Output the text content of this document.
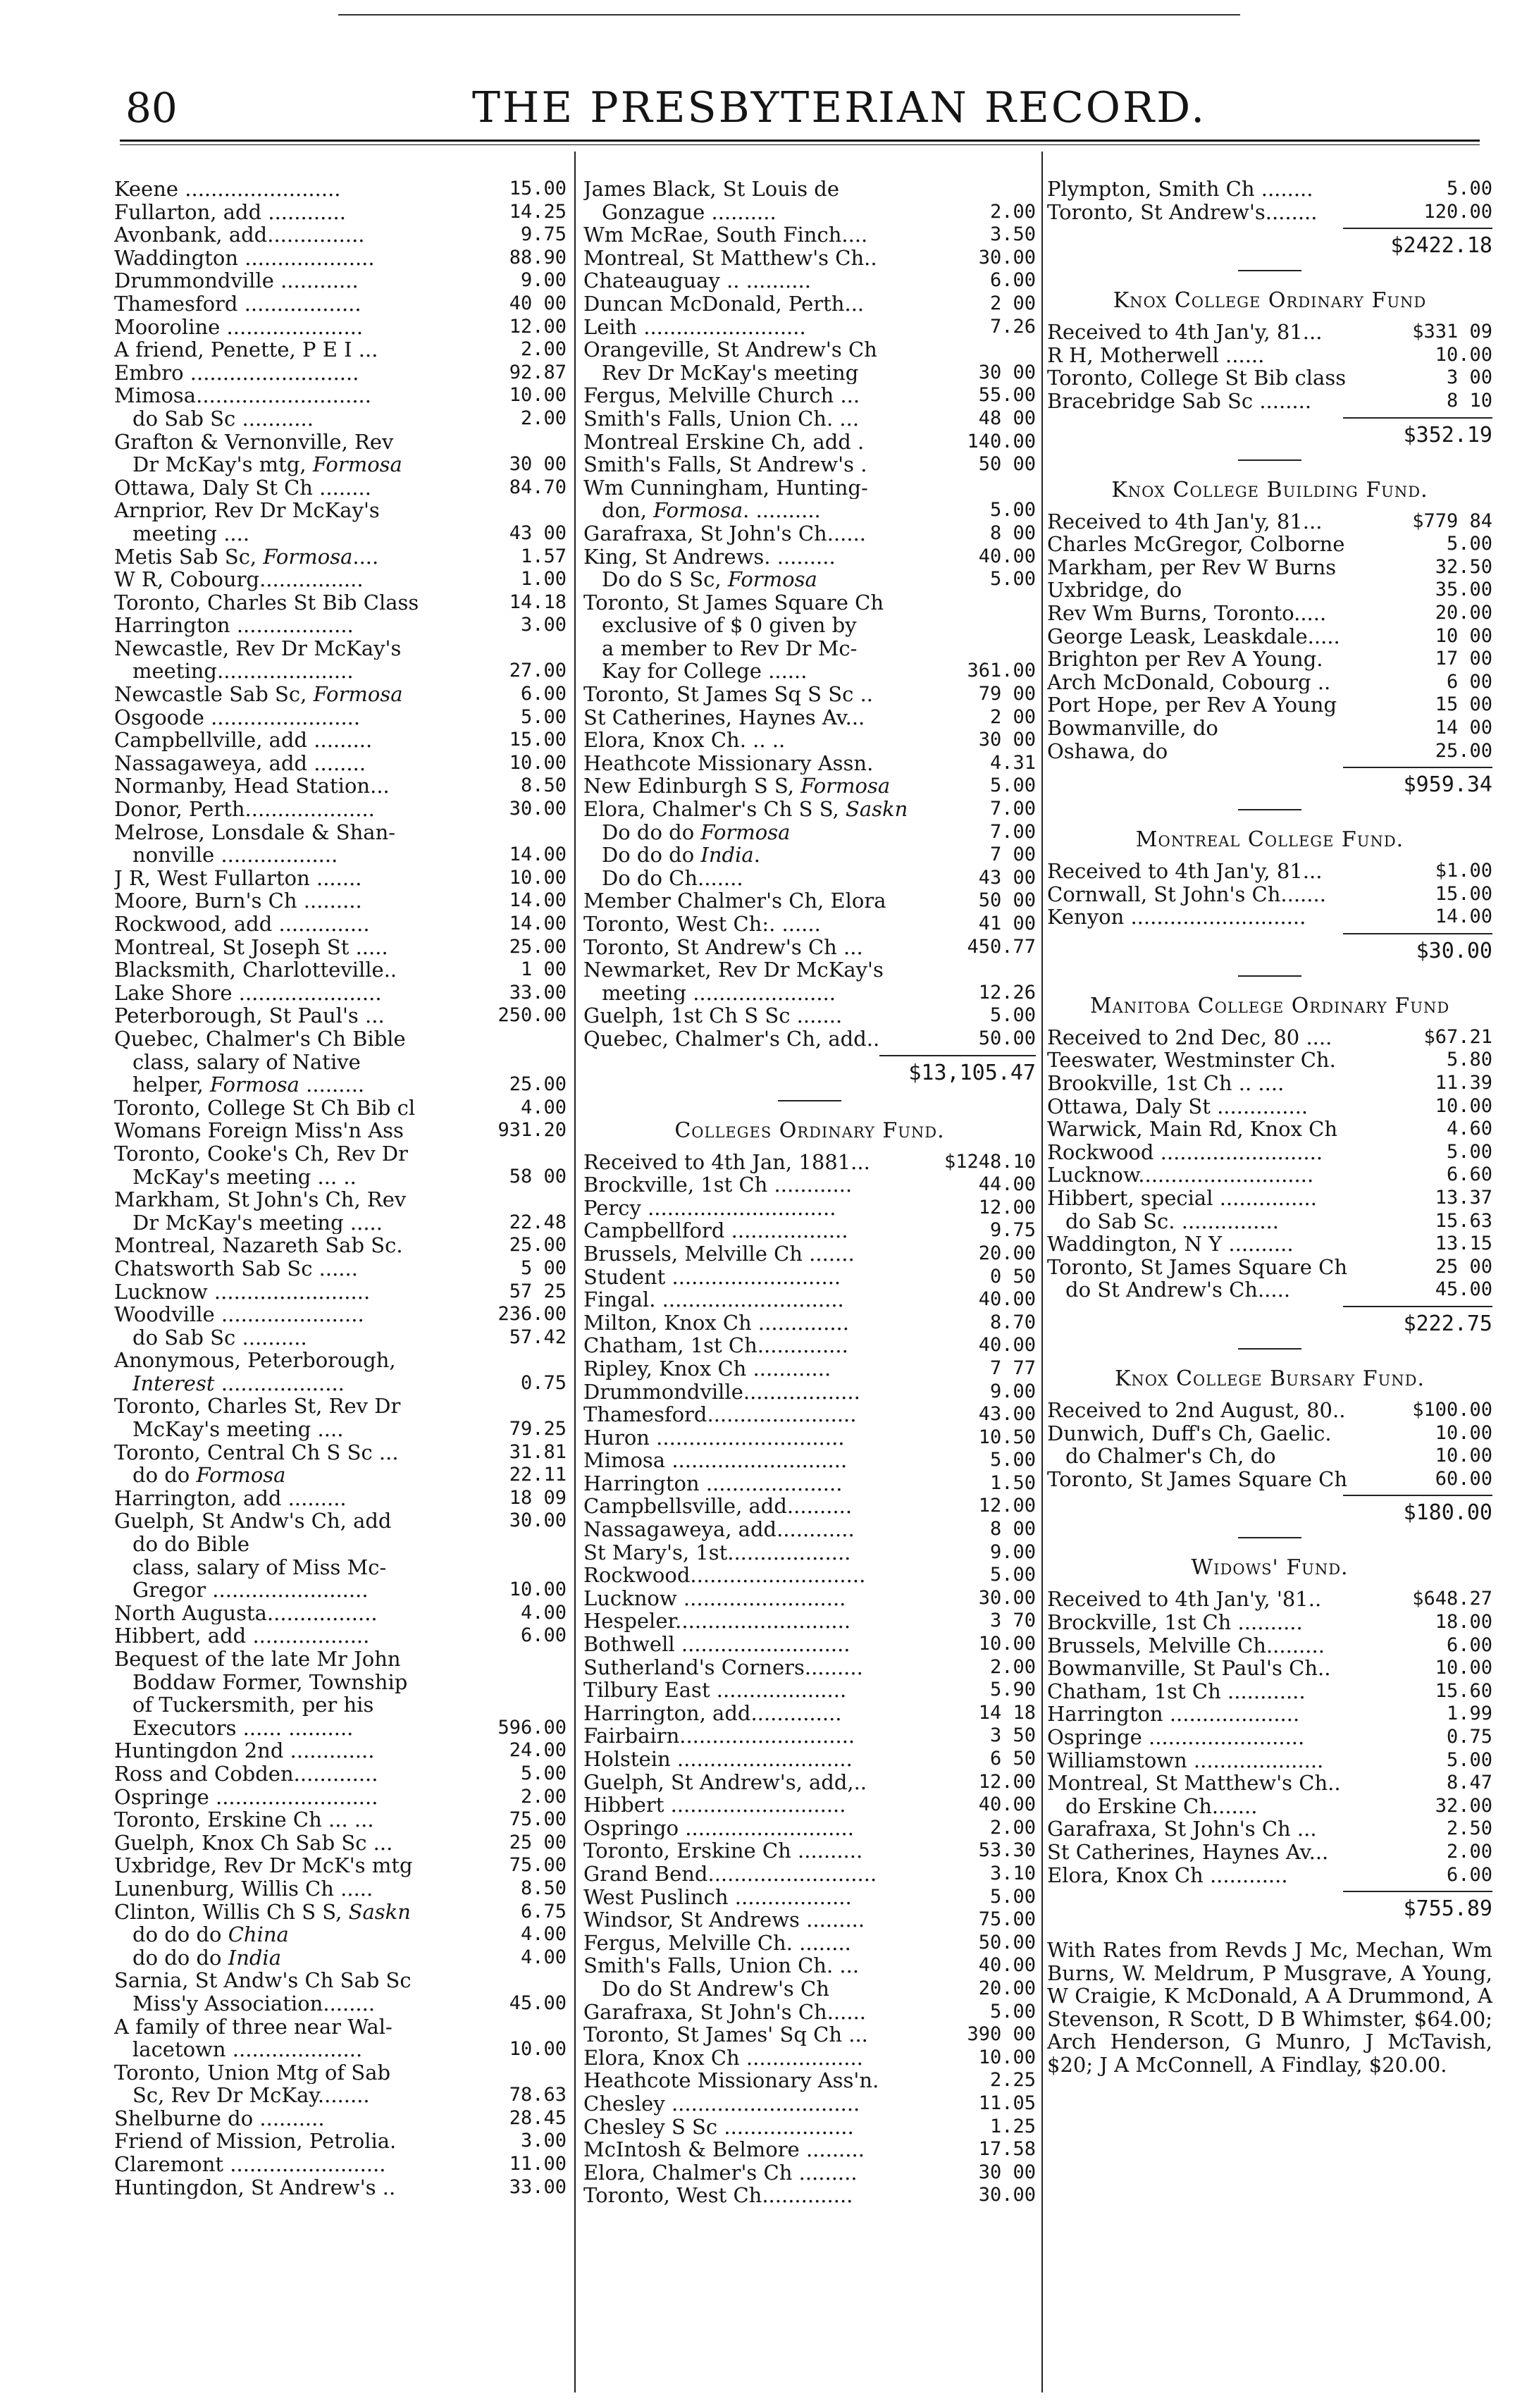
80	THE PRESBYTERIAN RECORD.
Keene ........................	15.00
Fullarton, add ............	14.25
Avonbank, add...............	9.75
Waddington ....................	88.90
Drummondville ............	9.00
Thamesford ..................	40 00
Mooroline .....................	12.00
A friend, Penette, P E I ...	2.00
Embro ..........................	92.87
Mimosa...........................	10.00
do Sab Sc ...........	2.00
Grafton & Vernonville, Rev
Dr McKay's mtg, Formosa	30 00
Ottawa, Daly St Ch ........	84.70
Arnprior, Rev Dr McKay's
meeting ....	43 00
Metis Sab Sc, Formosa....	1.57
W R, Cobourg................	1.00
Toronto, Charles St Bib Class	14.18
Harrington ..................	3.00
Newcastle, Rev Dr McKay's
meeting.....................	27.00
Newcastle Sab Sc, Formosa	6.00
Osgoode .......................	5.00
Campbellville, add .........	15.00
Nassagaweya, add ........	10.00
Normanby, Head Station...	8.50
Donor, Perth....................	30.00
Melrose, Lonsdale & Shan-
nonville ..................	14.00
J R, West Fullarton .......	10.00
Moore, Burn's Ch .........	14.00
Rockwood, add ..............	14.00
Montreal, St Joseph St .....	25.00
Blacksmith, Charlotteville..	1 00
Lake Shore ......................	33.00
Peterborough, St Paul's ...	250.00
Quebec, Chalmer's Ch Bible
class, salary of Native
helper, Formosa .........	25.00
Toronto, College St Ch Bib cl	4.00
Womans Foreign Miss'n Ass	931.20
Toronto, Cooke's Ch, Rev Dr
McKay's meeting ... ..	58 00
Markham, St John's Ch, Rev
Dr McKay's meeting .....	22.48
Montreal, Nazareth Sab Sc.	25.00
Chatsworth Sab Sc ......	5 00
Lucknow ........................	57 25
Woodville ......................	236.00
do Sab Sc ..........	57.42
Anonymous, Peterborough,
Interest ...................	0.75
Toronto, Charles St, Rev Dr
McKay's meeting ....	79.25
Toronto, Central Ch S Sc ...	31.81
do do Formosa	22.11
Harrington, add .........	18 09
Guelph, St Andw's Ch, add	30.00
do do Bible
class, salary of Miss Mc-
Gregor ........................	10.00
North Augusta.................	4.00
Hibbert, add ..................	6.00
Bequest of the late Mr John
Boddaw Former, Township
of Tuckersmith, per his
Executors ...... ..........	596.00
Huntingdon 2nd .............	24.00
Ross and Cobden.............	5.00
Ospringe .........................	2.00
Toronto, Erskine Ch ... ...	75.00
Guelph, Knox Ch Sab Sc ...	25 00
Uxbridge, Rev Dr McK's mtg	75.00
Lunenburg, Willis Ch .....	8.50
Clinton, Willis Ch S S, Saskn	6.75
do do do China	4.00
do do do India	4.00
Sarnia, St Andw's Ch Sab Sc
Miss'y Association........	45.00
A family of three near Wal-
lacetown ....................	10.00
Toronto, Union Mtg of Sab
Sc, Rev Dr McKay........	78.63
Shelburne do ..........	28.45
Friend of Mission, Petrolia.	3.00
Claremont ........................	11.00
Huntingdon, St Andrew's ..	33.00
James Black, St Louis de
Gonzague ..........	2.00
Wm McRae, South Finch....	3.50
Montreal, St Matthew's Ch..	30.00
Chateauguay .. ..........	6.00
Duncan McDonald, Perth...	2 00
Leith .........................	7.26
Orangeville, St Andrew's Ch
Rev Dr McKay's meeting	30 00
Fergus, Melville Church ...	55.00
Smith's Falls, Union Ch. ...	48 00
Montreal Erskine Ch, add .	140.00
Smith's Falls, St Andrew's .	50 00
Wm Cunningham, Hunting-
don, Formosa. ..........	5.00
Garafraxa, St John's Ch......	8 00
King, St Andrews. .........	40.00
Do do S Sc, Formosa	5.00
Toronto, St James Square Ch
exclusive of $ 0 given by
a member to Rev Dr Mc-
Kay for College ......	361.00
Toronto, St James Sq S Sc ..	79 00
St Catherines, Haynes Av...	2 00
Elora, Knox Ch. .. ..	30 00
Heathcote Missionary Assn.	4.31
New Edinburgh S S, Formosa	5.00
Elora, Chalmer's Ch S S, Saskn	7.00
Do do do Formosa	7.00
Do do do India.	7 00
Do do Ch.......	43 00
Member Chalmer's Ch, Elora	50 00
Toronto, West Ch:. ......	41 00
Toronto, St Andrew's Ch ...	450.77
Newmarket, Rev Dr McKay's
meeting ......................	12.26
Guelph, 1st Ch S Sc .......	5.00
Quebec, Chalmer's Ch, add..	50.00
$13,105.47
Colleges Ordinary Fund.
Received to 4th Jan, 1881...	$1248.10
Brockville, 1st Ch ............	44.00
Percy .............................	12.00
Campbellford ..................	9.75
Brussels, Melville Ch .......	20.00
Student ..........................	0 50
Fingal. ............................	40.00
Milton, Knox Ch ..............	8.70
Chatham, 1st Ch..............	40.00
Ripley, Knox Ch ............	7 77
Drummondville..................	9.00
Thamesford.......................	43.00
Huron .............................	10.50
Mimosa ...........................	5.00
Harrington .....................	1.50
Campbellsville, add..........	12.00
Nassagaweya, add............	8 00
St Mary's, 1st...................	9.00
Rockwood...........................	5.00
Lucknow .........................	30.00
Hespeler...........................	3 70
Bothwell ..........................	10.00
Sutherland's Corners.........	2.00
Tilbury East ....................	5.90
Harrington, add..............	14 18
Fairbairn...........................	3 50
Holstein ...........................	6 50
Guelph, St Andrew's, add,..	12.00
Hibbert ...........................	40.00
Ospringo ..........................	2.00
Toronto, Erskine Ch ..........	53.30
Grand Bend..........................	3.10
West Puslinch ..................	5.00
Windsor, St Andrews .........	75.00
Fergus, Melville Ch. ........	50.00
Smith's Falls, Union Ch. ...	40.00
Do do St Andrew's Ch	20.00
Garafraxa, St John's Ch......	5.00
Toronto, St James' Sq Ch ...	390 00
Elora, Knox Ch ..................	10.00
Heathcote Missionary Ass'n.	2.25
Chesley .............................	11.05
Chesley S Sc ....................	1.25
McIntosh & Belmore .........	17.58
Elora, Chalmer's Ch .........	30 00
Toronto, West Ch..............	30.00
Plympton, Smith Ch ........	5.00
Toronto, St Andrew's........	120.00
$2422.18
Knox College Ordinary Fund
Received to 4th Jan'y, 81...	$331 09
R H, Motherwell ......	10.00
Toronto, College St Bib class	3 00
Bracebridge Sab Sc ........	8 10
$352.19
Knox College Building Fund.
Received to 4th Jan'y, 81...	$779 84
Charles McGregor, Colborne	5.00
Markham, per Rev W Burns	32.50
Uxbridge, do	35.00
Rev Wm Burns, Toronto.....	20.00
George Leask, Leaskdale.....	10 00
Brighton per Rev A Young.	17 00
Arch McDonald, Cobourg ..	6 00
Port Hope, per Rev A Young	15 00
Bowmanville, do	14 00
Oshawa, do	25.00
$959.34
Montreal College Fund.
Received to 4th Jan'y, 81...	$1.00
Cornwall, St John's Ch.......	15.00
Kenyon ...........................	14.00
$30.00
Manitoba College Ordinary Fund
Received to 2nd Dec, 80 ....	$67.21
Teeswater, Westminster Ch.	5.80
Brookville, 1st Ch .. ....	11.39
Ottawa, Daly St ..............	10.00
Warwick, Main Rd, Knox Ch	4.60
Rockwood .........................	5.00
Lucknow...........................	6.60
Hibbert, special ...............	13.37
do Sab Sc. ...............	15.63
Waddington, N Y ..........	13.15
Toronto, St James Square Ch	25 00
do St Andrew's Ch.....	45.00
$222.75
Knox College Bursary Fund.
Received to 2nd August, 80..	$100.00
Dunwich, Duff's Ch, Gaelic.	10.00
do Chalmer's Ch, do	10.00
Toronto, St James Square Ch	60.00
$180.00
Widows' Fund.
Received to 4th Jan'y, '81..	$648.27
Brockville, 1st Ch ..........	18.00
Brussels, Melville Ch.........	6.00
Bowmanville, St Paul's Ch..	10.00
Chatham, 1st Ch ............	15.60
Harrington ....................	1.99
Ospringe ........................	0.75
Williamstown ....................	5.00
Montreal, St Matthew's Ch..	8.47
do Erskine Ch.......	32.00
Garafraxa, St John's Ch ...	2.50
St Catherines, Haynes Av...	2.00
Elora, Knox Ch ............	6.00
$755.89
With Rates from Revds J Mc, Mechan, Wm Burns, W. Meldrum, P Musgrave, A Young, W Craigie, K McDonald, A A Drummond, A Stevenson, R Scott, D B Whimster, $64.00; Arch Henderson, G Munro, J McTavish, $20; J A McConnell, A Findlay, $20.00.
